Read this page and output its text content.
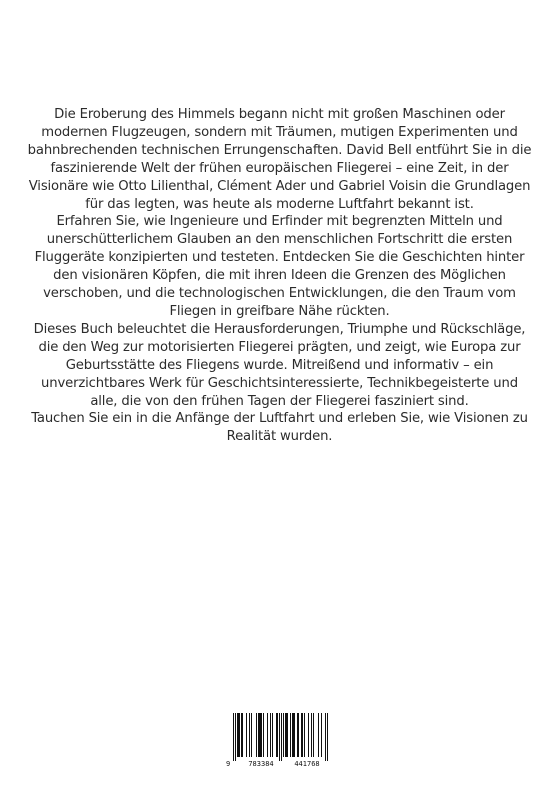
Die Eroberung des Himmels begann nicht mit großen Maschinen oder modernen Flugzeugen, sondern mit Träumen, mutigen Experimenten und bahnbrechenden technischen Errungenschaften. David Bell entführt Sie in die faszinierende Welt der frühen europäischen Fliegerei – eine Zeit, in der Visionäre wie Otto Lilienthal, Clément Ader und Gabriel Voisin die Grundlagen für das legten, was heute als moderne Luftfahrt bekannt ist.

Erfahren Sie, wie Ingenieure und Erfinder mit begrenzten Mitteln und unerschütterlichem Glauben an den menschlichen Fortschritt die ersten Fluggeräte konzipierten und testeten. Entdecken Sie die Geschichten hinter den visionären Köpfen, die mit ihren Ideen die Grenzen des Möglichen verschoben, und die technologischen Entwicklungen, die den Traum vom Fliegen in greifbare Nähe rückten.

Dieses Buch beleuchtet die Herausforderungen, Triumphe und Rückschläge, die den Weg zur motorisierten Fliegerei prägten, und zeigt, wie Europa zur Geburtsstätte des Fliegens wurde. Mitreißend und informativ – ein unverzichtbares Werk für Geschichtsinteressierte, Technikbegeisterte und alle, die von den frühen Tagen der Fliegerei fasziniert sind.

Tauchen Sie ein in die Anfänge der Luftfahrt und erleben Sie, wie Visionen zu Realität wurden.

9	783384	441768
